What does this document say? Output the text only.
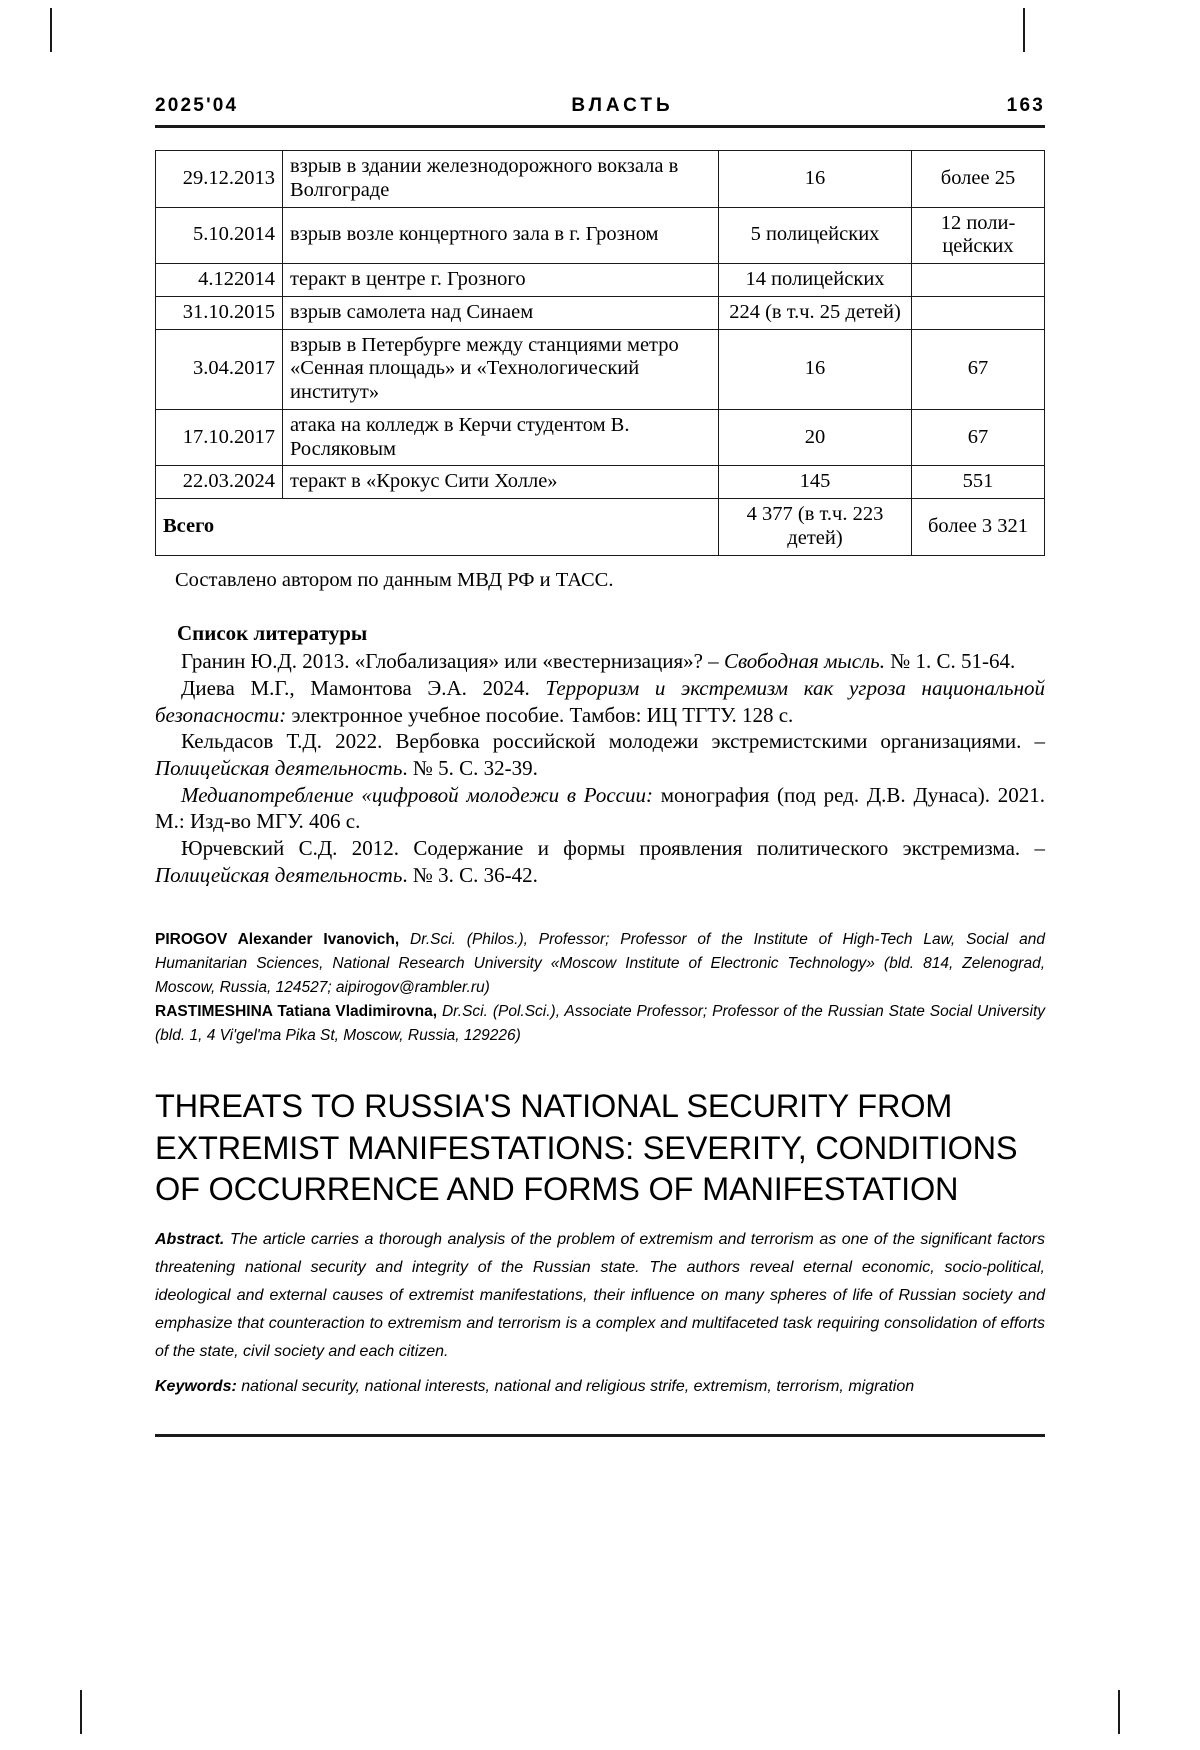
2025'04	ВЛАСТЬ	163
29.12.2013	взрыв в здании железнодорожного вокзала в Волгограде	16	более 25
5.10.2014	взрыв возле концертного зала в г. Грозном	5 полицейских	12 поли-цейских
4.122014	теракт в центре г. Грозного	14 полицейских	
31.10.2015	взрыв самолета над Синаем	224 (в т.ч. 25 детей)	
3.04.2017	взрыв в Петербурге между станциями метро «Сенная площадь» и «Технологический институт»	16	67
17.10.2017	атака на колледж в Керчи студентом В. Росляковым	20	67
22.03.2024	теракт в «Крокус Сити Холле»	145	551
Всего		4 377 (в т.ч. 223 детей)	более 3 321
Составлено автором по данным МВД РФ и ТАСС.
Список литературы

Гранин Ю.Д. 2013. «Глобализация» или «вестернизация»? – Свободная мысль. № 1. С. 51-64.

Диева М.Г., Мамонтова Э.А. 2024. Терроризм и экстремизм как угроза национальной безопасности: электронное учебное пособие. Тамбов: ИЦ ТГТУ. 128 с.

Кельдасов Т.Д. 2022. Вербовка российской молодежи экстремистскими организациями. – Полицейская деятельность. № 5. С. 32-39.

Медиапотребление «цифровой молодежи в России: монография (под ред. Д.В. Дунаса). 2021. М.: Изд-во МГУ. 406 с.

Юрчевский С.Д. 2012. Содержание и формы проявления политического экстремизма. – Полицейская деятельность. № 3. С. 36-42.

PIROGOV Alexander Ivanovich, Dr.Sci. (Philos.), Professor; Professor of the Institute of High-Tech Law, Social and Humanitarian Sciences, National Research University «Moscow Institute of Electronic Technology» (bld. 814, Zelenograd, Moscow, Russia, 124527; aipirogov@rambler.ru)
RASTIMESHINA Tatiana Vladimirovna, Dr.Sci. (Pol.Sci.), Associate Professor; Professor of the Russian State Social University (bld. 1, 4 Vi'gel'ma Pika St, Moscow, Russia, 129226)
THREATS TO RUSSIA'S NATIONAL SECURITY FROM EXTREMIST MANIFESTATIONS: SEVERITY, CONDITIONS OF OCCURRENCE AND FORMS OF MANIFESTATION
Abstract. The article carries a thorough analysis of the problem of extremism and terrorism as one of the significant factors threatening national security and integrity of the Russian state. The authors reveal eternal economic, socio-political, ideological and external causes of extremist manifestations, their influence on many spheres of life of Russian society and emphasize that counteraction to extremism and terrorism is a complex and multifaceted task requiring consolidation of efforts of the state, civil society and each citizen.
Keywords: national security, national interests, national and religious strife, extremism, terrorism, migration
